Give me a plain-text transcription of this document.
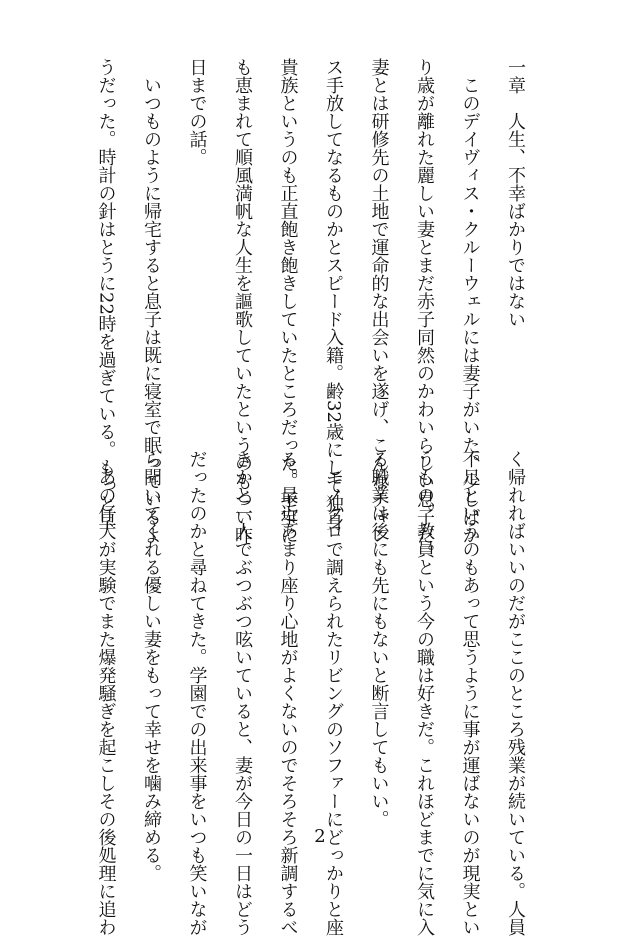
一章　人生、不幸ばかりではない
　このデイヴィス・クルーウェルには妻子がいた。少しばか
り歳が離れた麗しい妻とまだ赤子同然のかわいらしい息子だ。
妻とは研修先の土地で運命的な出会いを遂げ、こんなチャン
ス手放してなるものかとスピード入籍。齢32歳にして独身
貴族というのも正直飽き飽きしていたところだった。子宝に
も恵まれて順風満帆な人生を謳歌していたというのもつい昨
日までの話。
　いつものように帰宅すると息子は既に寝室で眠っているよ
うだった。時計の針はとうに22時を過ぎている。もっと早
く帰れればいいのだがここのところ残業が続いている。人員
不足というのもあって思うように事が運ばないのが現実とい
うもの。教員という今の職は好きだ。これほどまでに気に入
る職業は後にも先にもないと断言してもいい。
　モノクロで調えられたリビングのソファーにどっかりと座
る。最近あまり座り心地がよくないのでそろそろ新調するべ
きかと一人でぶつぶつ呟いていると、妻が今日の一日はどう
だったのかと尋ねてきた。学園での出来事をいつも笑いなが
ら聞いてくれる優しい妻をもって幸せを噛み締める。
　あの仔犬が実験でまた爆発騒ぎを起こしその後処理に追わ	2
